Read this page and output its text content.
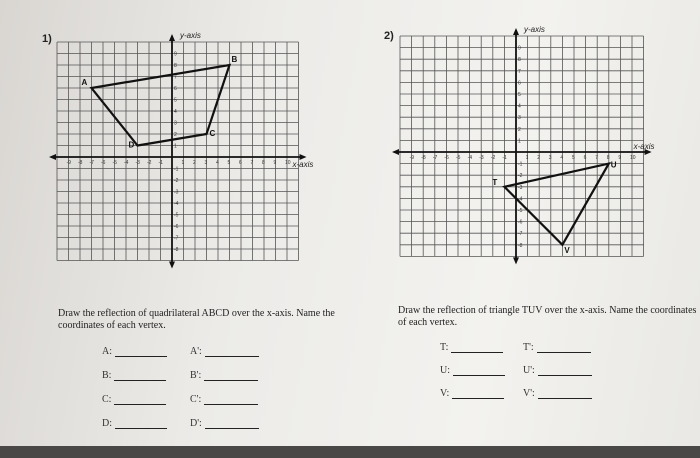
1)
-9 -8 -7 -6 -5 -4 -3 -2 -1	1 2 3 4 5 6 7 8 9 10
9
8
7
6
5
4
3
2
1
-1
-2
-3
-4
-5
-6
-7
-8
y-axis
x-axis
A
B
C
D
Draw the reflection of quadrilateral ABCD over the x-axis. Name the coordinates of each vertex.
A:	A':
B:	B':
C:	C':
D:	D':
2)
-9 -8 -7 -6 -5 -4 -3 -2 -1	1 2 3 4 5 6 7 8 9 10
9
8
7
6
5
4
3
2
1
-1
-2
-3
-4
-5
-6
-7
-8
y-axis
x-axis
T
U
V
Draw the reflection of triangle TUV over the x-axis. Name the coordinates of each vertex.
T:	T':
U:	U':
V:	V':
